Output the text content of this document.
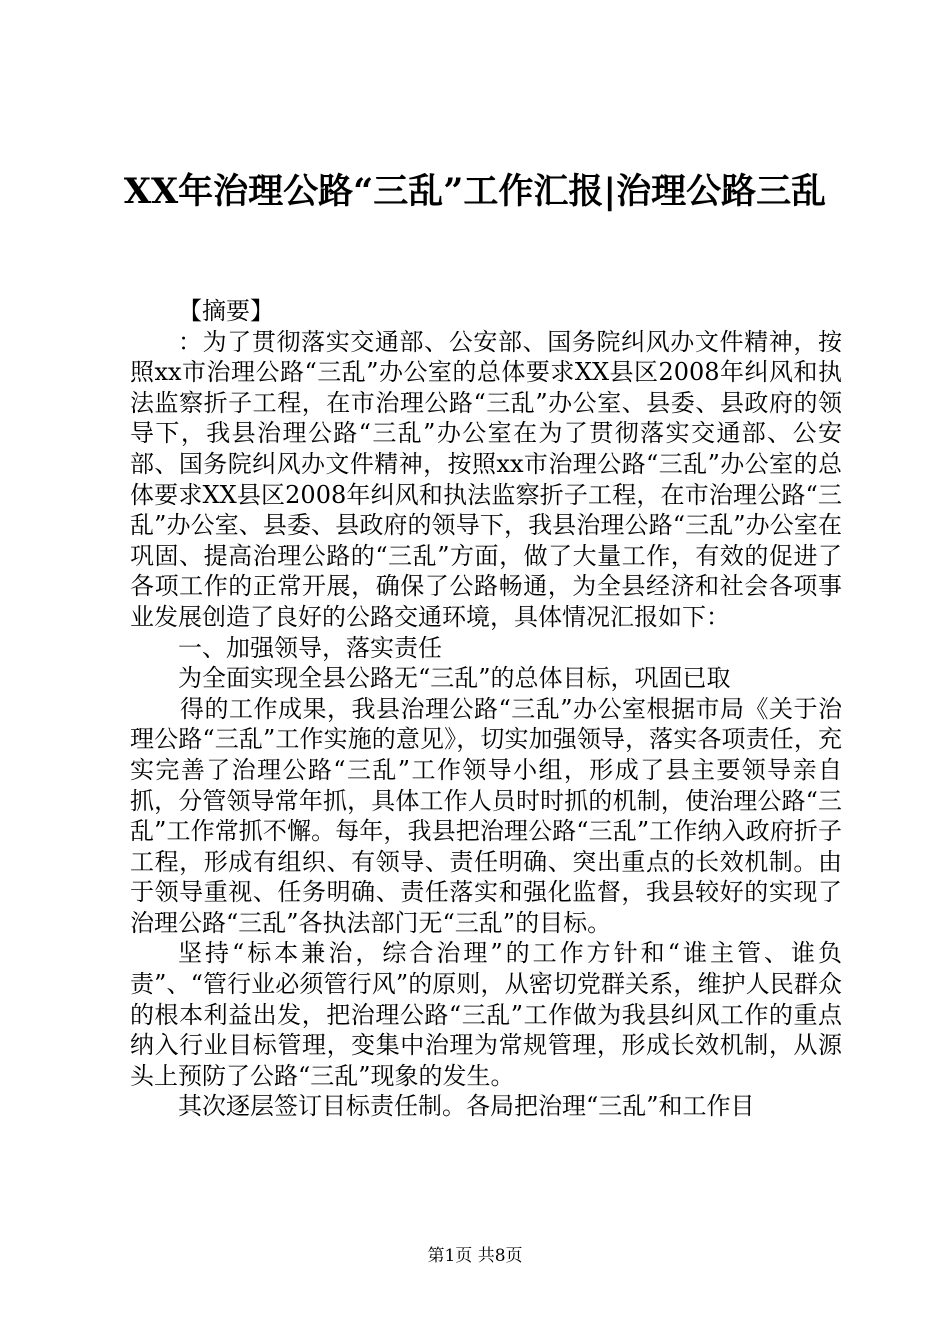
XX年治理公路“三乱”工作汇报|治理公路三乱

【摘要】

：为了贯彻落实交通部、公安部、国务院纠风办文件精神，按照xx市治理公路“三乱”办公室的总体要求XX县区2008年纠风和执法监察折子工程，在市治理公路“三乱”办公室、县委、县政府的领导下，我县治理公路“三乱”办公室在为了贯彻落实交通部、公安部、国务院纠风办文件精神，按照xx市治理公路“三乱”办公室的总体要求XX县区2008年纠风和执法监察折子工程，在市治理公路“三乱”办公室、县委、县政府的领导下，我县治理公路“三乱”办公室在巩固、提高治理公路的“三乱”方面，做了大量工作，有效的促进了各项工作的正常开展，确保了公路畅通，为全县经济和社会各项事业发展创造了良好的公路交通环境，具体情况汇报如下：

一、加强领导，落实责任

为全面实现全县公路无“三乱”的总体目标，巩固已取

得的工作成果，我县治理公路“三乱”办公室根据市局《关于治理公路“三乱”工作实施的意见》，切实加强领导，落实各项责任，充实完善了治理公路“三乱”工作领导小组，形成了县主要领导亲自抓，分管领导常年抓，具体工作人员时时抓的机制，使治理公路“三乱”工作常抓不懈。每年，我县把治理公路“三乱”工作纳入政府折子工程，形成有组织、有领导、责任明确、突出重点的长效机制。由于领导重视、任务明确、责任落实和强化监督，我县较好的实现了治理公路“三乱”各执法部门无“三乱”的目标。

坚持“标本兼治，综合治理”的工作方针和“谁主管、谁负责”、“管行业必须管行风”的原则，从密切党群关系，维护人民群众的根本利益出发，把治理公路“三乱”工作做为我县纠风工作的重点纳入行业目标管理，变集中治理为常规管理，形成长效机制，从源头上预防了公路“三乱”现象的发生。

其次逐层签订目标责任制。各局把治理“三乱”和工作目

第1页 共8页
